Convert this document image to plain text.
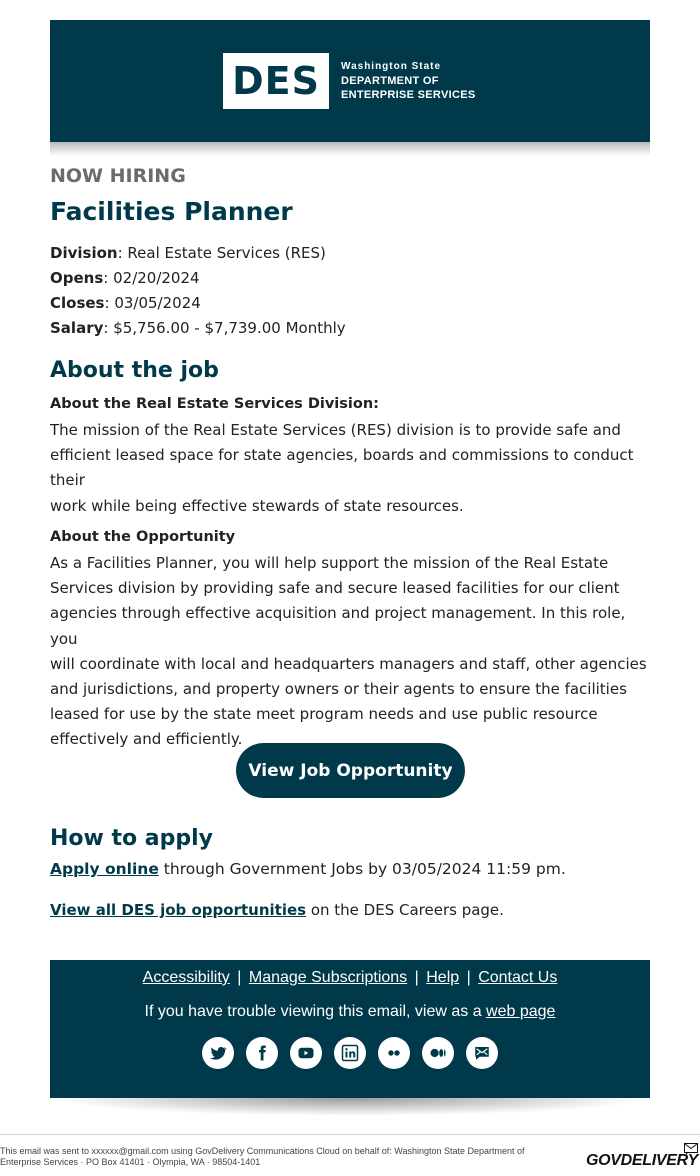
DES Washington State
DEPARTMENT OF
ENTERPRISE SERVICES
NOW HIRING
Facilities Planner
Division: Real Estate Services (RES)
Opens: 02/20/2024
Closes: 03/05/2024
Salary: $5,756.00 - $7,739.00 Monthly
About the job
About the Real Estate Services Division:
The mission of the Real Estate Services (RES) division is to provide safe and
efficient leased space for state agencies, boards and commissions to conduct their
work while being effective stewards of state resources.
About the Opportunity
As a Facilities Planner, you will help support the mission of the Real Estate
Services division by providing safe and secure leased facilities for our client
agencies through effective acquisition and project management. In this role, you
will coordinate with local and headquarters managers and staff, other agencies
and jurisdictions, and property owners or their agents to ensure the facilities
leased for use by the state meet program needs and use public resource
effectively and efficiently.
View Job Opportunity
How to apply
Apply online through Government Jobs by 03/05/2024 11:59 pm.
View all DES job opportunities on the DES Careers page.
Accessibility | Manage Subscriptions | Help | Contact Us
If you have trouble viewing this email, view as a web page
This email was sent to xxxxxx@gmail.com using GovDelivery Communications Cloud on behalf of: Washington State Department of
Enterprise Services · PO Box 41401 · Olympia, WA · 98504-1401	GOVDELIVERY
